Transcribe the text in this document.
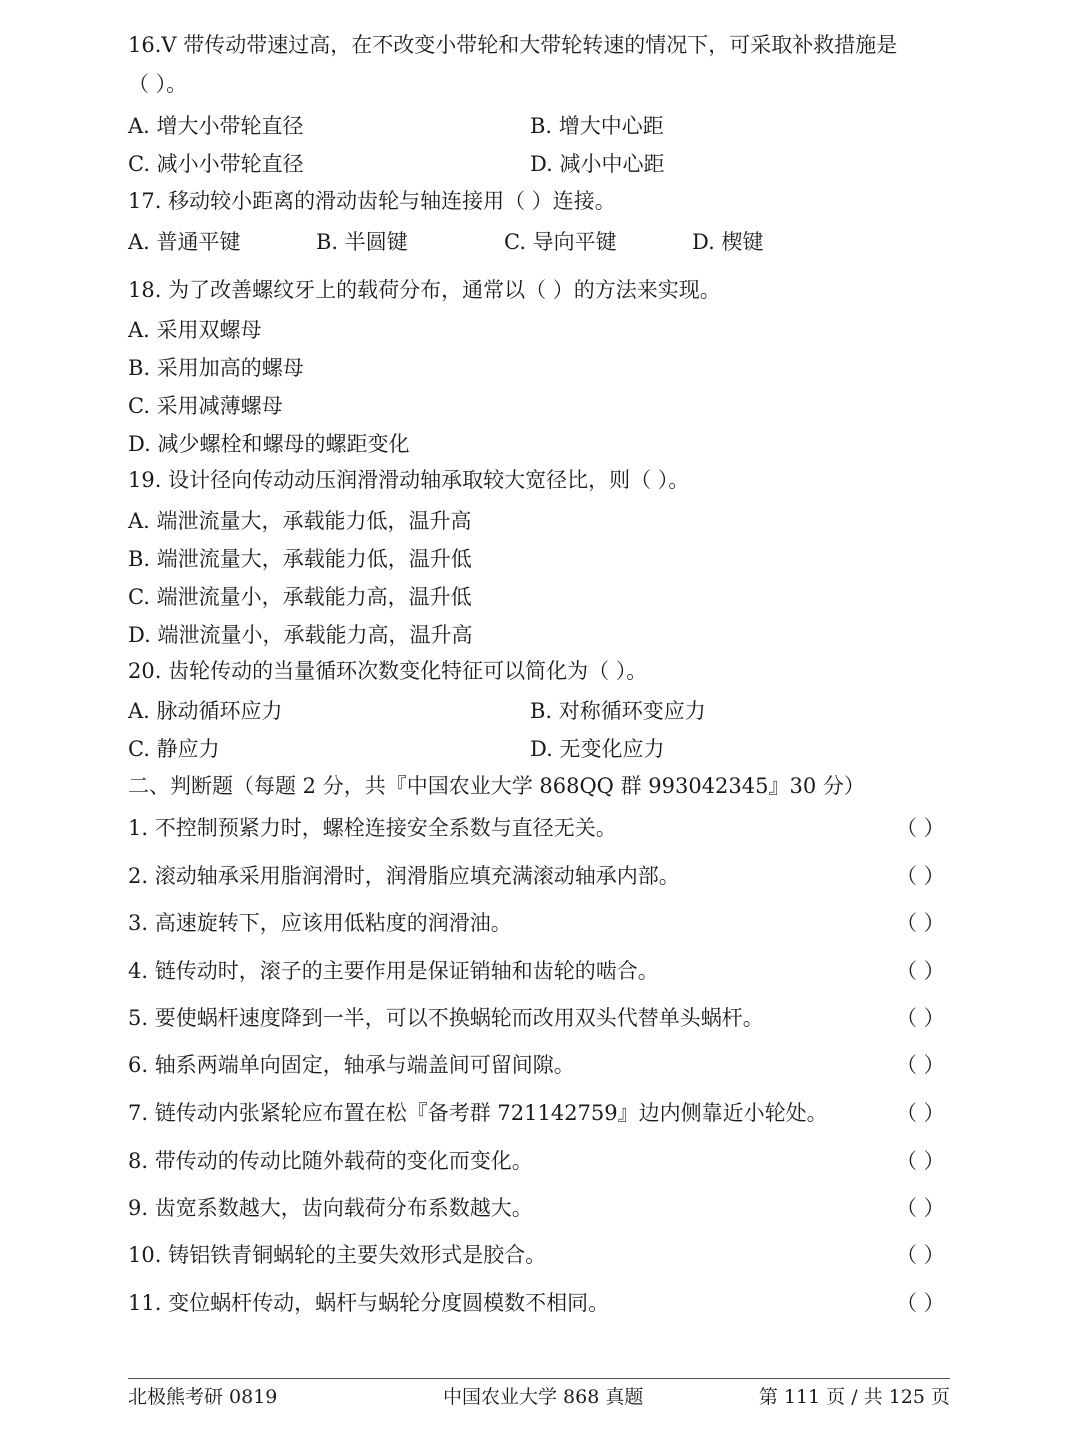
16.V 带传动带速过高，在不改变小带轮和大带轮转速的情况下，可采取补救措施是
（ ）。
A. 增大小带轮直径	B. 增大中心距
C. 减小小带轮直径	D. 减小中心距
17. 移动较小距离的滑动齿轮与轴连接用（ ）连接。
A. 普通平键	B. 半圆键	C. 导向平键	D. 楔键
18. 为了改善螺纹牙上的载荷分布，通常以（ ）的方法来实现。
A. 采用双螺母
B. 采用加高的螺母
C. 采用减薄螺母
D. 减少螺栓和螺母的螺距变化
19. 设计径向传动动压润滑滑动轴承取较大宽径比，则（ ）。
A. 端泄流量大，承载能力低，温升高
B. 端泄流量大，承载能力低，温升低
C. 端泄流量小，承载能力高，温升低
D. 端泄流量小，承载能力高，温升高
20. 齿轮传动的当量循环次数变化特征可以简化为（ ）。
A. 脉动循环应力	B. 对称循环变应力
C. 静应力	D. 无变化应力
二、判断题（每题 2 分，共『中国农业大学 868QQ 群 993042345』30 分）
1. 不控制预紧力时，螺栓连接安全系数与直径无关。	（ ）
2. 滚动轴承采用脂润滑时，润滑脂应填充满滚动轴承内部。	（ ）
3. 高速旋转下，应该用低粘度的润滑油。	（ ）
4. 链传动时，滚子的主要作用是保证销轴和齿轮的啮合。	（ ）
5. 要使蜗杆速度降到一半，可以不换蜗轮而改用双头代替单头蜗杆。	（ ）
6. 轴系两端单向固定，轴承与端盖间可留间隙。	（ ）
7. 链传动内张紧轮应布置在松『备考群 721142759』边内侧靠近小轮处。	（ ）
8. 带传动的传动比随外载荷的变化而变化。	（ ）
9. 齿宽系数越大，齿向载荷分布系数越大。	（ ）
10. 铸铝铁青铜蜗轮的主要失效形式是胶合。	（ ）
11. 变位蜗杆传动，蜗杆与蜗轮分度圆模数不相同。	（ ）
北极熊考研 0819	中国农业大学 868 真题	第 111 页 / 共 125 页
